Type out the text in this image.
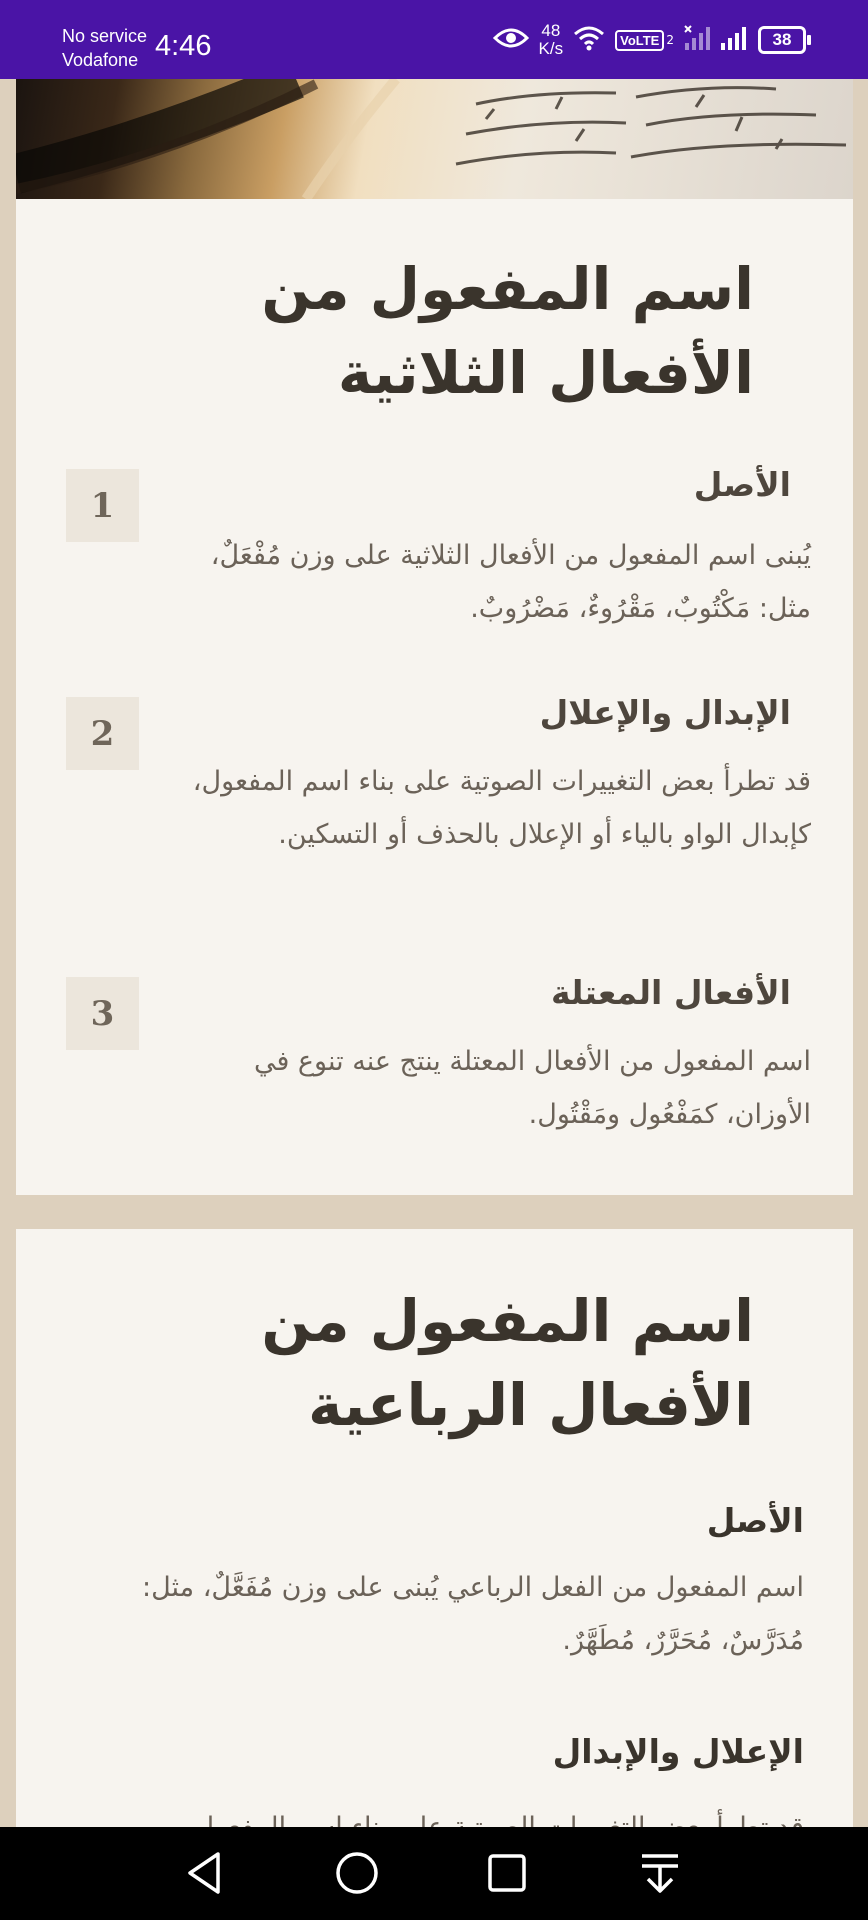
No service
Vodafone 4:46	48
K/s	VoLTE 2	38
اسم المفعول من الأفعال الثلاثية
1
الأصل

يُبنى اسم المفعول من الأفعال الثلاثية على وزن مُفْعَلٌ، مثل: مَكْتُوبٌ، مَقْرُوءٌ، مَضْرُوبٌ.

2
الإبدال والإعلال

قد تطرأ بعض التغييرات الصوتية على بناء اسم المفعول، كإبدال الواو بالياء أو الإعلال بالحذف أو التسكين.

3
الأفعال المعتلة

اسم المفعول من الأفعال المعتلة ينتج عنه تنوع في الأوزان، كمَفْعُول ومَقْتُول.

اسم المفعول من الأفعال الرباعية
الأصل

اسم المفعول من الفعل الرباعي يُبنى على وزن مُفَعَّلٌ، مثل: مُدَرَّسٌ، مُحَرَّرٌ، مُطَهَّرٌ.

الإعلال والإبدال
